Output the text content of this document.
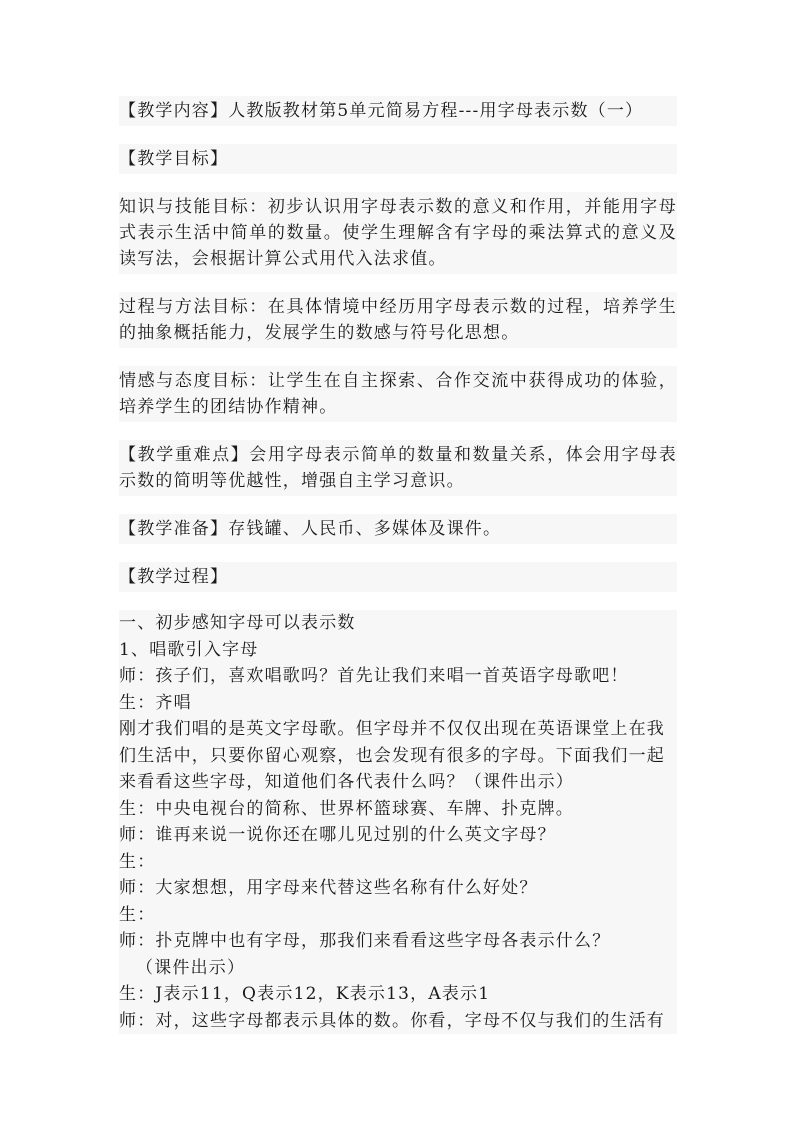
【教学内容】人教版教材第5单元简易方程---用字母表示数（一）
【教学目标】
知识与技能目标：初步认识用字母表示数的意义和作用，并能用字母式表示生活中简单的数量。使学生理解含有字母的乘法算式的意义及读写法，会根据计算公式用代入法求值。
过程与方法目标：在具体情境中经历用字母表示数的过程，培养学生的抽象概括能力，发展学生的数感与符号化思想。
情感与态度目标：让学生在自主探索、合作交流中获得成功的体验，培养学生的团结协作精神。
【教学重难点】会用字母表示简单的数量和数量关系，体会用字母表示数的简明等优越性，增强自主学习意识。
【教学准备】存钱罐、人民币、多媒体及课件。
【教学过程】
一、初步感知字母可以表示数
1、唱歌引入字母
师：孩子们，喜欢唱歌吗？首先让我们来唱一首英语字母歌吧！
生：齐唱
刚才我们唱的是英文字母歌。但字母并不仅仅出现在英语课堂上在我
们生活中，只要你留心观察，也会发现有很多的字母。下面我们一起
来看看这些字母，知道他们各代表什么吗？（课件出示）
生：中央电视台的简称、世界杯篮球赛、车牌、扑克牌。
师：谁再来说一说你还在哪儿见过别的什么英文字母？
生：
师：大家想想，用字母来代替这些名称有什么好处？
生：
师：扑克牌中也有字母，那我们来看看这些字母各表示什么？
（课件出示）
生：J表示11，Q表示12，K表示13，A表示1
师：对，这些字母都表示具体的数。你看，字母不仅与我们的生活有
